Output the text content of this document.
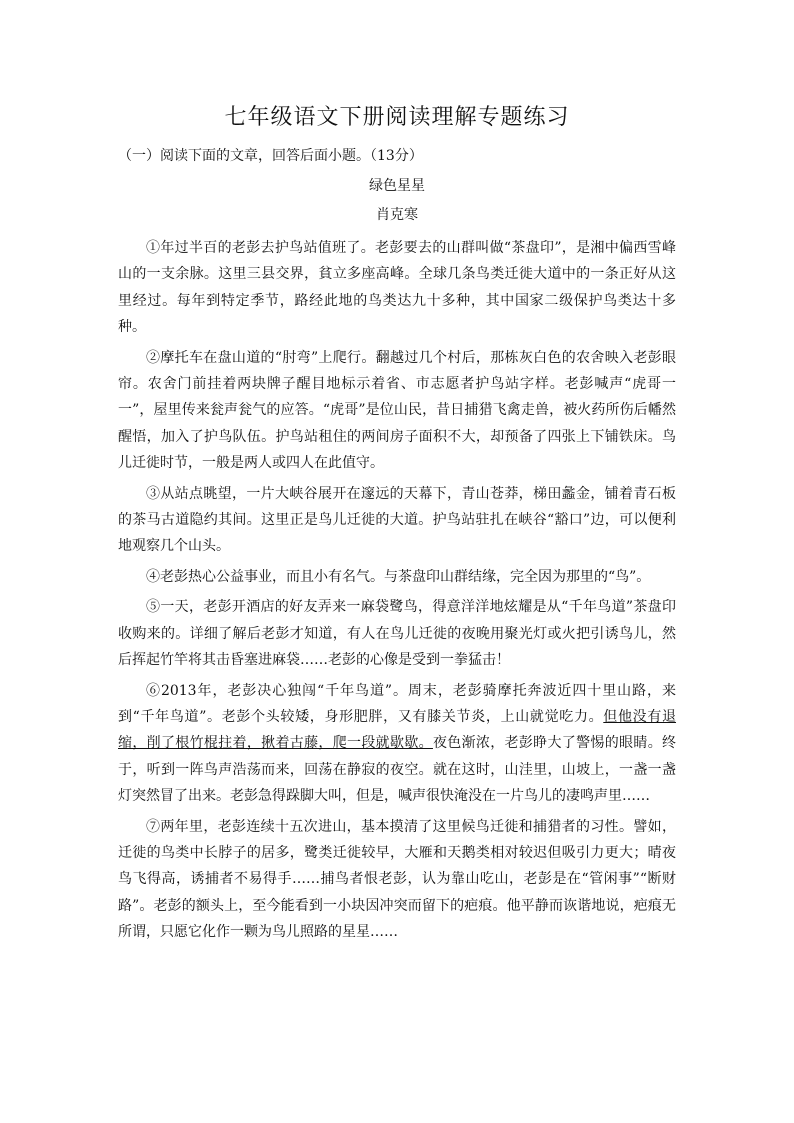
七年级语文下册阅读理解专题练习
（一）阅读下面的文章，回答后面小题。（13分）
绿色星星
肖克寒

①年过半百的老彭去护鸟站值班了。老彭要去的山群叫做“茶盘印”，是湘中偏西雪峰山的一支余脉。这里三县交界，貧立多座高峰。全球几条鸟类迁徙大道中的一条正好从这里经过。每年到特定季节，路经此地的鸟类达九十多种，其中国家二级保护鸟类达十多种。

②摩托车在盘山道的“肘弯”上爬行。翻越过几个村后，那栋灰白色的农舍映入老彭眼帘。农舍门前挂着两块牌子醒目地标示着省、市志愿者护鸟站字样。老彭喊声“虎哥一一”，屋里传来瓮声瓮气的应答。“虎哥”是位山民，昔日捕猎飞禽走兽，被火药所伤后幡然醒悟，加入了护鸟队伍。护鸟站租住的两间房子面积不大，却预备了四张上下铺铁床。鸟儿迁徙时节，一般是两人或四人在此值守。

③从站点眺望，一片大峡谷展开在邃远的天幕下，青山苍莽，梯田蠡金，铺着青石板的茶马古道隐约其间。这里正是鸟儿迁徙的大道。护鸟站驻扎在峡谷“豁口”边，可以便利地观察几个山头。

④老彭热心公益事业，而且小有名气。与茶盘印山群结缘，完全因为那里的“鸟”。

⑤一天，老彭开酒店的好友弄来一麻袋鹭鸟，得意洋洋地炫耀是从“千年鸟道”茶盘印收购来的。详细了解后老彭才知道，有人在鸟儿迁徙的夜晚用聚光灯或火把引诱鸟儿，然后挥起竹竿将其击昏塞进麻袋……老彭的心像是受到一拳猛击！

⑥2013年，老彭决心独闯“千年鸟道”。周末，老彭骑摩托奔波近四十里山路，来到“千年鸟道”。老彭个头较矮，身形肥胖，又有膝关节炎，上山就觉吃力。但他没有退缩，削了根竹棍拄着，揪着古藤，爬一段就歇歇。夜色渐浓，老彭睁大了警惕的眼睛。终于，听到一阵鸟声浩荡而来，回荡在静寂的夜空。就在这时，山洼里，山坡上，一盏一盏灯突然冒了出来。老彭急得跺脚大叫，但是，喊声很快淹没在一片鸟儿的凄鸣声里……

⑦两年里，老彭连续十五次进山，基本摸清了这里候鸟迁徙和捕猎者的习性。譬如，迁徙的鸟类中长脖子的居多，鹭类迁徙较早，大雁和天鹅类相对较迟但吸引力更大；晴夜鸟飞得高，诱捕者不易得手……捕鸟者恨老彭，认为靠山吃山，老彭是在“管闲事”“断财路”。老彭的额头上，至今能看到一小块因冲突而留下的疤痕。他平静而诙谐地说，疤痕无所谓，只愿它化作一颗为鸟儿照路的星星……
